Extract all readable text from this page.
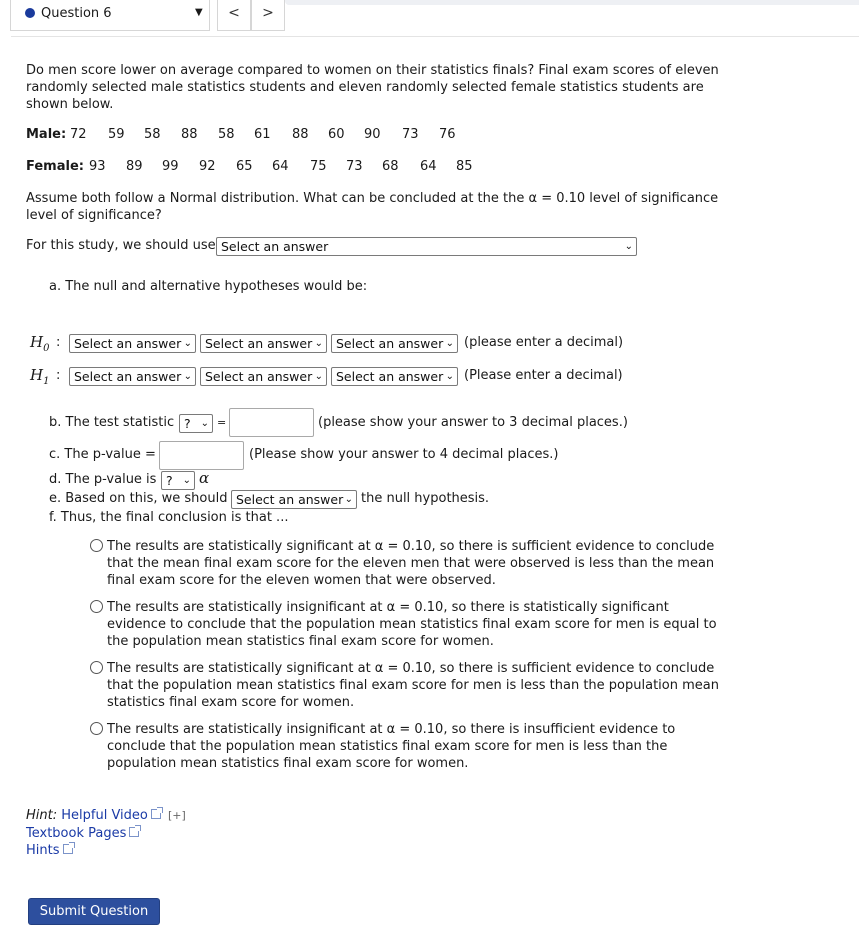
Question 6	▼	<	>
Do men score lower on average compared to women on their statistics finals? Final exam scores of eleven
randomly selected male statistics students and eleven randomly selected female statistics students are
shown below.
Male: 72 59 58 88 58 61 88 60 90 73 76
Female: 93 89 99 92 65 64 75 73 68 64 85
Assume both follow a Normal distribution. What can be concluded at the the α = 0.10 level of significance
level of significance?
For this study, we should use Select an answer	⌄
a. The null and alternative hypotheses would be:
$H_0$ :	Select an answer ⌄	Select an answer ⌄	Select an answer ⌄ (please enter a decimal)
$H_1$ :	Select an answer ⌄	Select an answer ⌄	Select an answer ⌄ (Please enter a decimal)
b. The test statistic ? ⌄ =	(please show your answer to 3 decimal places.)
c. The p-value =	(Please show your answer to 4 decimal places.)
d. The p-value is ? ⌄ α
e. Based on this, we should Select an answer ⌄ the null hypothesis.
f. Thus, the final conclusion is that ...
The results are statistically significant at α = 0.10, so there is sufficient evidence to conclude
that the mean final exam score for the eleven men that were observed is less than the mean
final exam score for the eleven women that were observed.
The results are statistically insignificant at α = 0.10, so there is statistically significant
evidence to conclude that the population mean statistics final exam score for men is equal to
the population mean statistics final exam score for women.
The results are statistically significant at α = 0.10, so there is sufficient evidence to conclude
that the population mean statistics final exam score for men is less than the population mean
statistics final exam score for women.
The results are statistically insignificant at α = 0.10, so there is insufficient evidence to
conclude that the population mean statistics final exam score for men is less than the
population mean statistics final exam score for women.
Hint: Helpful Video [+]
Textbook Pages
Hints
Submit Question
